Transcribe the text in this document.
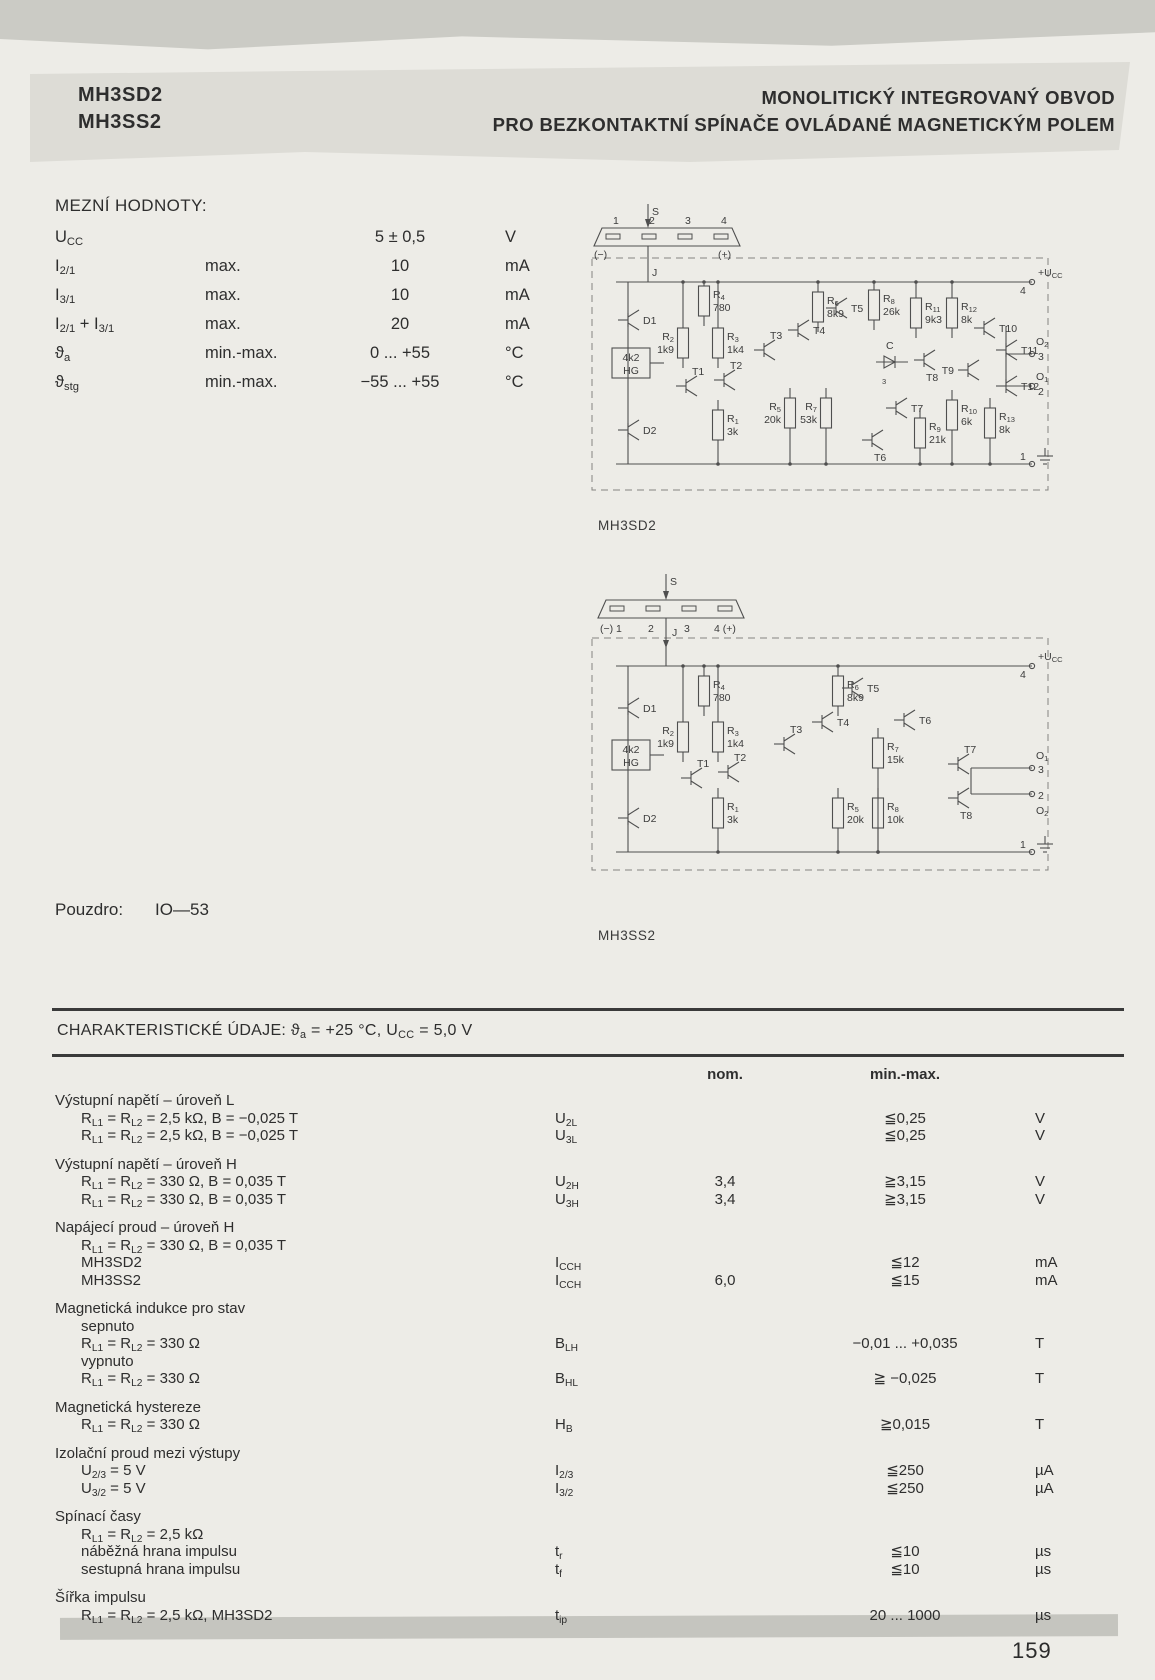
MH3SD2
MH3SS2
MONOLITICKÝ INTEGROVANÝ OBVOD
PRO BEZKONTAKTNÍ SPÍNAČE OVLÁDANÉ MAGNETICKÝM POLEM
MEZNÍ HODNOTY:
$U_{CC}$	5 ± 0,5	V
$I_{2/1}$	max.	10	mA
$I_{3/1}$	max.	10	mA
$I_{2/1} + I_{3/1}$	max.	20	mA
$ϑ_a$	min.-max.	0 ... +55	°C
$ϑ_{stg}$	min.-max.	−55 ... +55	°C
R4
780
R2
1k9
R3
1k4
R6
8k9
R8
26k R11
9k3
R12
8k
R1
3k
R5
20k
R7
53k
R9
21k
R10
6k	R13
8k
D1
D2
T1 T2
T3	T4
T5
T6
T7
T8
T9
T10
T11
T12
4k2
HG
S
1	2	3	4
(−)	(+)
J	+UCC
4
O2
3
O1
2
1
C
3
MH3SD2
R4
780
R2
1k9
R3
1k4
R6
8k9
R7
15k
R5
20k
R8
10k
R1
3k
D1
D2
T1 T2
T3
T4
T5
T6
T7
T8
4k2
HG
S
(−) 1 2 J 3 4 (+)
+UCC
4
O1
3
2
O2
1
MH3SS2
Pouzdro: IO—53
CHARAKTERISTICKÉ ÚDAJE: $ϑ_a = +25$ °C, $U_{CC} = 5,0$ V
nom.	min.-max.
Výstupní napětí – úroveň L
$R_{L1} = R_{L2} = 2,5$ kΩ, B = −0,025 T	$U_{2L}$	≦0,25	V
$R_{L1} = R_{L2} = 2,5$ kΩ, B = −0,025 T	$U_{3L}$	≦0,25	V
Výstupní napětí – úroveň H
$R_{L1} = R_{L2} = 330$ Ω, B = 0,035 T	$U_{2H}$	3,4	≧3,15	V
$R_{L1} = R_{L2} = 330$ Ω, B = 0,035 T	$U_{3H}$	3,4	≧3,15	V
Napájecí proud – úroveň H
$R_{L1} = R_{L2} = 330$ Ω, B = 0,035 T
MH3SD2	$I_{CCH}$	≦12	mA
MH3SS2	$I_{CCH}$	6,0	≦15	mA
Magnetická indukce pro stav
sepnuto
$R_{L1} = R_{L2} = 330$ Ω	$B_{LH}$	−0,01 ... +0,035	T
vypnuto
$R_{L1} = R_{L2} = 330$ Ω	$B_{HL}$	≧ −0,025	T
Magnetická hystereze
$R_{L1} = R_{L2} = 330$ Ω	$H_B$	≧0,015	T
Izolační proud mezi výstupy
$U_{2/3} = 5$ V	$I_{2/3}$	≦250	µA
$U_{3/2} = 5$ V	$I_{3/2}$	≦250	µA
Spínací časy
$R_{L1} = R_{L2} = 2,5$ kΩ
náběžná hrana impulsu	$t_r$	≦10	µs
sestupná hrana impulsu	$t_f$	≦10	µs
Šířka impulsu
$R_{L1} = R_{L2} = 2,5$ kΩ, MH3SD2	$t_{ip}$	20 ... 1000	µs
159
